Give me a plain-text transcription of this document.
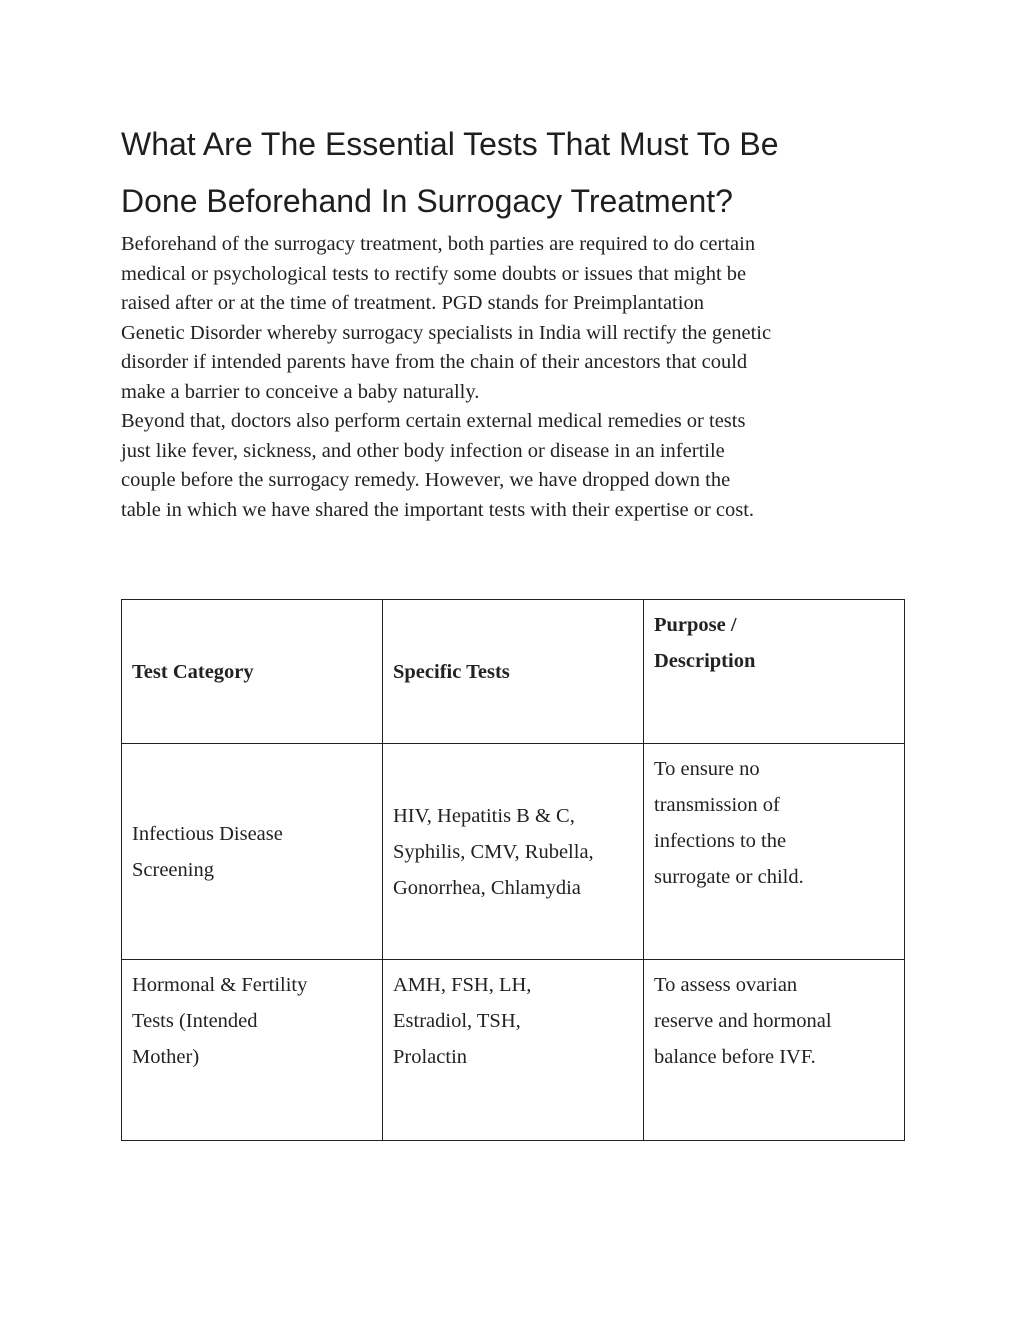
What Are The Essential Tests That Must To Be
Done Beforehand In Surrogacy Treatment?

Beforehand of the surrogacy treatment, both parties are required to do certain
medical or psychological tests to rectify some doubts or issues that might be
raised after or at the time of treatment. PGD stands for Preimplantation
Genetic Disorder whereby surrogacy specialists in India will rectify the genetic
disorder if intended parents have from the chain of their ancestors that could
make a barrier to conceive a baby naturally.

Beyond that, doctors also perform certain external medical remedies or tests
just like fever, sickness, and other body infection or disease in an infertile
couple before the surrogacy remedy. However, we have dropped down the
table in which we have shared the important tests with their expertise or cost.

Test Category	Specific Tests	Purpose /
Description

Infectious Disease
Screening	HIV, Hepatitis B & C,
Syphilis, CMV, Rubella,
Gonorrhea, Chlamydia	To ensure no
transmission of
infections to the
surrogate or child.

Hormonal & Fertility
Tests (Intended
Mother)	AMH, FSH, LH,
Estradiol, TSH,
Prolactin	To assess ovarian
reserve and hormonal
balance before IVF.
